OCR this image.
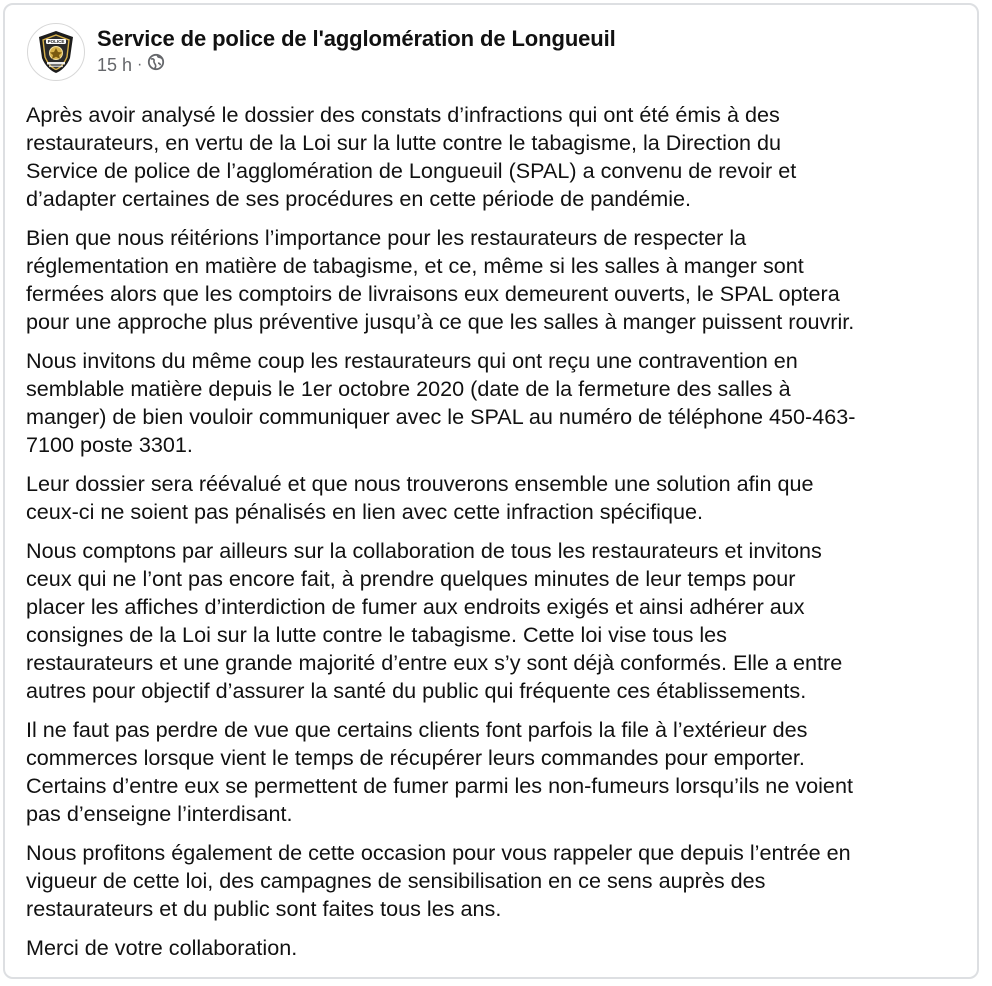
POLICE Service de police de l'agglomération de Longueuil
15 h ·

Après avoir analysé le dossier des constats d’infractions qui ont été émis à des
restaurateurs, en vertu de la Loi sur la lutte contre le tabagisme, la Direction du
Service de police de l’agglomération de Longueuil (SPAL) a convenu de revoir et
d’adapter certaines de ses procédures en cette période de pandémie.

Bien que nous réitérions l’importance pour les restaurateurs de respecter la
réglementation en matière de tabagisme, et ce, même si les salles à manger sont
fermées alors que les comptoirs de livraisons eux demeurent ouverts, le SPAL optera
pour une approche plus préventive jusqu’à ce que les salles à manger puissent rouvrir.

Nous invitons du même coup les restaurateurs qui ont reçu une contravention en
semblable matière depuis le 1er octobre 2020 (date de la fermeture des salles à
manger) de bien vouloir communiquer avec le SPAL au numéro de téléphone 450-463-
7100 poste 3301.

Leur dossier sera réévalué et que nous trouverons ensemble une solution afin que
ceux-ci ne soient pas pénalisés en lien avec cette infraction spécifique.

Nous comptons par ailleurs sur la collaboration de tous les restaurateurs et invitons
ceux qui ne l’ont pas encore fait, à prendre quelques minutes de leur temps pour
placer les affiches d’interdiction de fumer aux endroits exigés et ainsi adhérer aux
consignes de la Loi sur la lutte contre le tabagisme. Cette loi vise tous les
restaurateurs et une grande majorité d’entre eux s’y sont déjà conformés. Elle a entre
autres pour objectif d’assurer la santé du public qui fréquente ces établissements.

Il ne faut pas perdre de vue que certains clients font parfois la file à l’extérieur des
commerces lorsque vient le temps de récupérer leurs commandes pour emporter.
Certains d’entre eux se permettent de fumer parmi les non-fumeurs lorsqu’ils ne voient
pas d’enseigne l’interdisant.

Nous profitons également de cette occasion pour vous rappeler que depuis l’entrée en
vigueur de cette loi, des campagnes de sensibilisation en ce sens auprès des
restaurateurs et du public sont faites tous les ans.

Merci de votre collaboration.
